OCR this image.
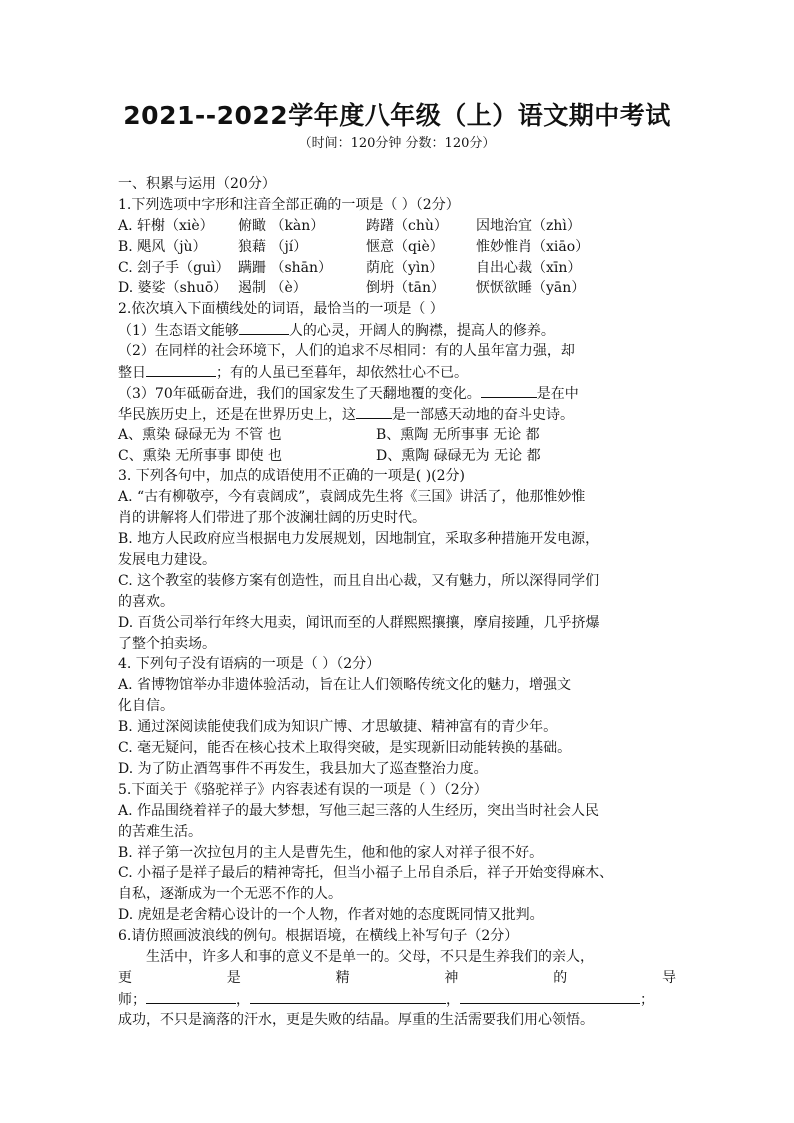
2021--2022学年度八年级（上）语文期中考试
（时间：120分钟 分数：120分）
一、积累与运用（20分）
1.下列选项中字形和注音全部正确的一项是（ ）（2分）
A. 轩榭（xiè）	俯瞰 （kàn）	踌躇（chù）	因地治宜（zhì）
B. 飓风（jù）	狼藉 （jí）	惬意（qiè）	惟妙惟肖（xiāo）
C. 刽子手（guì） 蹒跚 （shān）	荫庇（yìn）	自出心裁（xīn）
D. 婆娑（shuō） 遏制 （è）	倒坍（tān）	恹恹欲睡（yān）
2.依次填入下面横线处的词语，最恰当的一项是（ ）
（1）生态语文能够	人的心灵，开阔人的胸襟，提高人的修养。
（2）在同样的社会环境下，人们的追求不尽相同：有的人虽年富力强，却
整日	；有的人虽已至暮年，却依然壮心不已。
（3）70年砥砺奋进，我们的国家发生了天翻地覆的变化。	是在中
华民族历史上，还是在世界历史上，这	是一部感天动地的奋斗史诗。
A、熏染 碌碌无为 不管 也	B、熏陶 无所事事 无论 都
C、熏染 无所事事 即使 也	D、熏陶 碌碌无为 无论 都
3. 下列各句中，加点的成语使用不正确的一项是( )(2分)
A. “古有柳敬亭，今有袁阔成”，袁阔成先生将《三国》讲活了，他那惟妙惟
肖的讲解将人们带进了那个波澜壮阔的历史时代。
B. 地方人民政府应当根据电力发展规划，因地制宜，采取多种措施开发电源，
发展电力建设。
C. 这个教室的装修方案有创造性，而且自出心裁，又有魅力，所以深得同学们
的喜欢。
D. 百货公司举行年终大甩卖，闻讯而至的人群熙熙攘攘，摩肩接踵，几乎挤爆
了整个拍卖场。
4. 下列句子没有语病的一项是（ ）（2分）
A. 省博物馆举办非遗体验活动，旨在让人们领略传统文化的魅力，增强文
化自信。
B. 通过深阅读能使我们成为知识广博、才思敏捷、精神富有的青少年。
C. 毫无疑问，能否在核心技术上取得突破，是实现新旧动能转换的基础。
D. 为了防止酒驾事件不再发生，我县加大了巡查整治力度。
5.下面关于《骆驼祥子》内容表述有误的一项是（ ）（2分）
A. 作品围绕着祥子的最大梦想，写他三起三落的人生经历，突出当时社会人民
的苦难生活。
B. 祥子第一次拉包月的主人是曹先生，他和他的家人对祥子很不好。
C. 小福子是祥子最后的精神寄托，但当小福子上吊自杀后，祥子开始变得麻木、
自私，逐渐成为一个无恶不作的人。
D. 虎妞是老舍精心设计的一个人物，作者对她的态度既同情又批判。
6.请仿照画波浪线的例句。根据语境，在横线上补写句子（2分）
生活中，许多人和事的意义不是单一的。父母，不只是生养我们的亲人，
更	是	精	神	的	导
师；	，	，	；
成功，不只是滴落的汗水，更是失败的结晶。厚重的生活需要我们用心领悟。
